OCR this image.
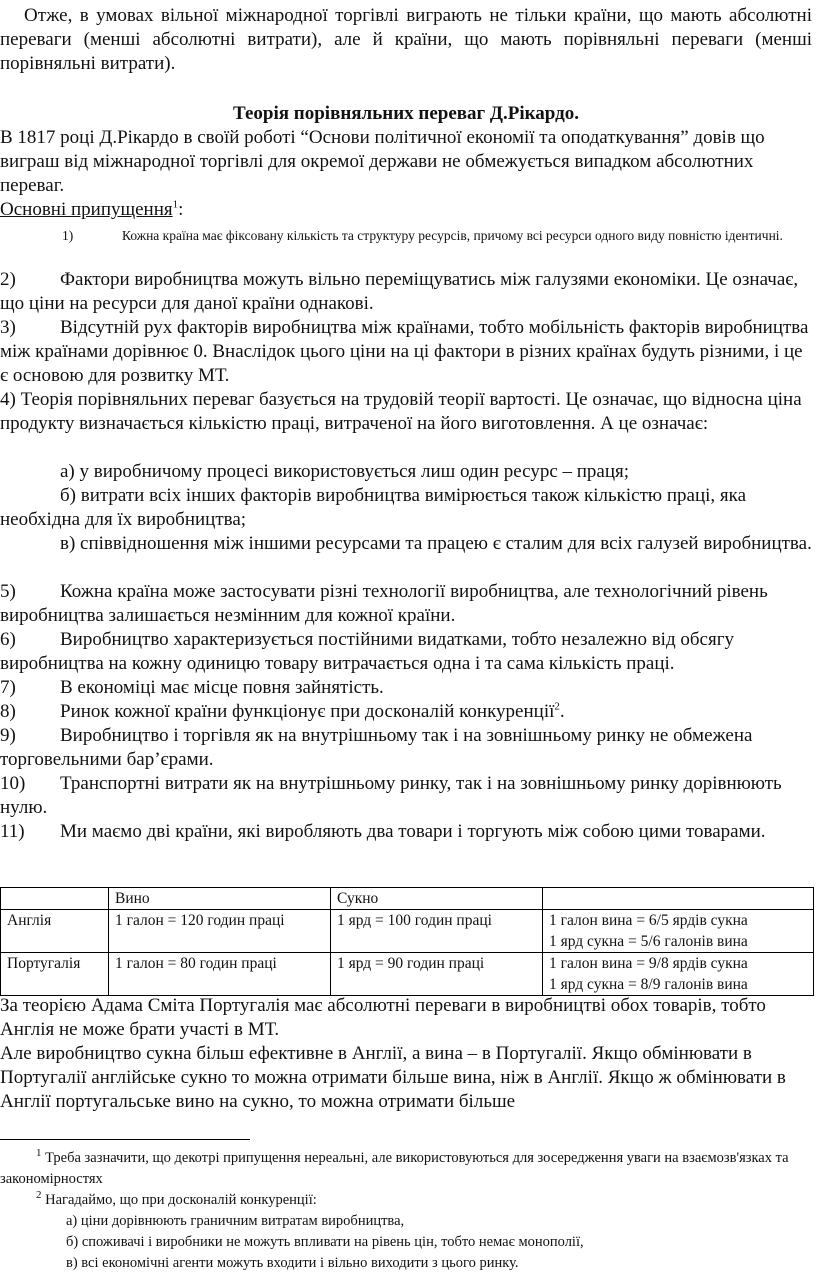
Отже, в умовах вільної міжнародної торгівлі виграють не тільки країни, що мають абсолютні переваги (менші абсолютні витрати), але й країни, що мають порівняльні переваги (менші порівняльні витрати).

Теорія порівняльних переваг Д.Рікардо.

В 1817 році Д.Рікардо в своїй роботі “Основи політичної економії та оподаткування” довів що виграш від міжнародної торгівлі для окремої держави не обмежується випадком абсолютних переваг.

Основні припущення$^1$:

1)	Кожна країна має фіксовану кількість та структуру ресурсів, причому всі ресурси одного виду повністю ідентичні.

2) Фактори виробництва можуть вільно переміщуватись між галузями економіки. Це означає, що ціни на ресурси для даної країни однакові.

3) Відсутній рух факторів виробництва між країнами, тобто мобільність факторів виробництва між країнами дорівнює 0. Внаслідок цього ціни на ці фактори в різних країнах будуть різними, і це є основою для розвитку МТ.

4) Теорія порівняльних переваг базується на трудовій теорії вартості. Це означає, що відносна ціна продукту визначається кількістю праці, витраченої на його виготовлення. А це означає:

а) у виробничому процесі використовується лиш один ресурс – праця;

б) витрати всіх інших факторів виробництва вимірюється також кількістю праці, яка необхідна для їх виробництва;

в) співвідношення між іншими ресурсами та працею є сталим для всіх галузей виробництва.

5) Кожна країна може застосувати різні технології виробництва, але технологічний рівень виробництва залишається незмінним для кожної країни.

6) Виробництво характеризується постійними видатками, тобто незалежно від обсягу виробництва на кожну одиницю товару витрачається одна і та сама кількість праці.

7) В економіці має місце повня зайнятість.

8) Ринок кожної країни функціонує при досконалій конкуренції$^2$.

9) Виробництво і торгівля як на внутрішньому так і на зовнішньому ринку не обмежена торговельними бар’єрами.

10) Транспортні витрати як на внутрішньому ринку, так і на зовнішньому ринку дорівнюють нулю.

11) Ми маємо дві країни, які виробляють два товари і торгують між собою цими товарами.

	Вино	Сукно	
Англія	1 галон = 120 годин праці	1 ярд = 100 годин праці	1 галон вина = 6/5 ярдів сукна
1 ярд сукна = 5/6 галонів вина

Португалія	1 галон = 80 годин праці	1 ярд = 90 годин праці	1 галон вина = 9/8 ярдів сукна
1 ярд сукна = 8/9 галонів вина

За теорією Адама Сміта Португалія має абсолютні переваги в виробництві обох товарів, тобто Англія не може брати участі в МТ.

Але виробництво сукна більш ефективне в Англії, а вина – в Португалії. Якщо обмінювати в Португалії англійське сукно то можна отримати більше вина, ніж в Англії. Якщо ж обмінювати в Англії португальське вино на сукно, то можна отримати більше

$^1$ Треба зазначити, що декотрі припущення нереальні, але використовуються для зосередження уваги на взаємозв'язках та закономірностях
$^2$ Нагадаймо, що при досконалій конкуренції:
а) ціни дорівнюють граничним витратам виробництва,
б) споживачі і виробники не можуть впливати на рівень цін, тобто немає монополії,
в) всі економічні агенти можуть входити і вільно виходити з цього ринку.
